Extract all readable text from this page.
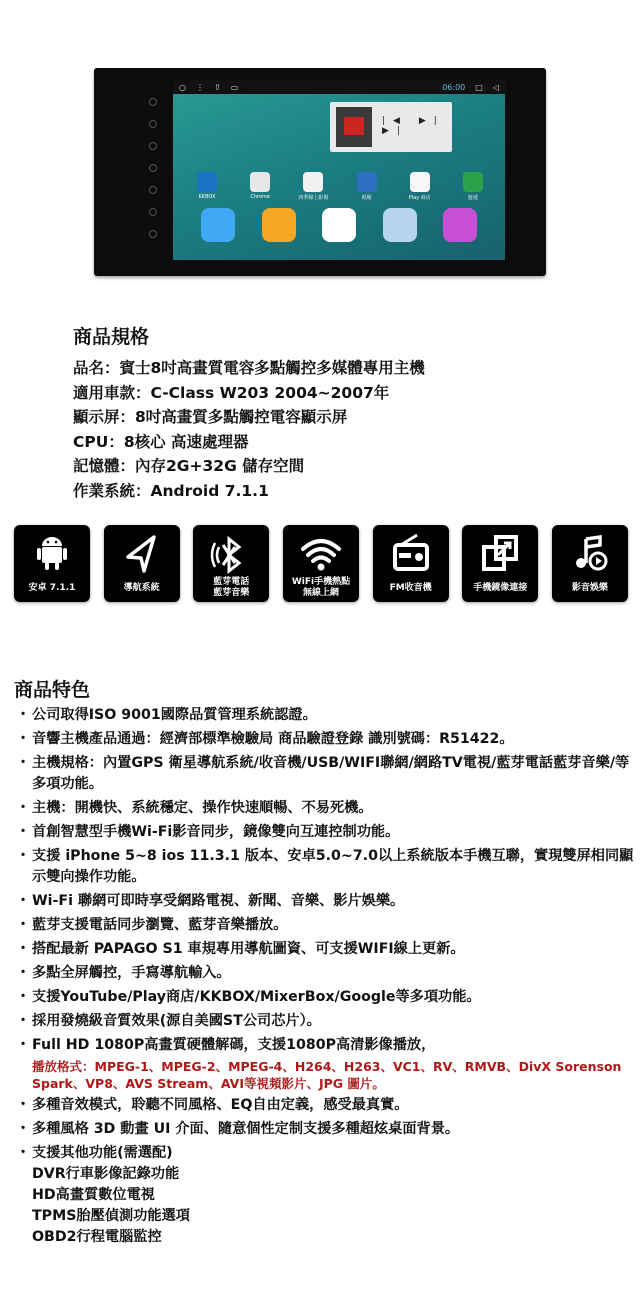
○ ⋮ ⇧ ▭	06:00 □ ◁
|◀ ▶| ▶|
KKBOX	Chrome	四季線上影視	視頻	Play 商店	億速
商品規格
品名：賓士8吋高畫質電容多點觸控多媒體專用主機
適用車款：C-Class W203 2004~2007年
顯示屏：8吋高畫質多點觸控電容顯示屏
CPU：8核心 高速處理器
記憶體：內存2G+32G 儲存空間
作業系統：Android 7.1.1
安卓 7.1.1	導航系統
藍芽電話
藍芽音樂
WiFi手機熱點
無線上網	FM收音機	手機鏡像連接	影音娛樂
商品特色
・ 公司取得ISO 9001國際品質管理系統認證。
・ 音響主機產品通過：經濟部標準檢驗局 商品驗證登錄 識別號碼：R51422。
・ 主機規格：內置GPS 衛星導航系統/收音機/USB/WIFI聯網/網路TV電視/藍芽電話藍芽音樂/等多項功能。
・ 主機：開機快、系統穩定、操作快速順暢、不易死機。
・ 首創智慧型手機Wi-Fi影音同步，鏡像雙向互連控制功能。
・ 支援 iPhone 5~8 ios 11.3.1 版本、安卓5.0~7.0以上系統版本手機互聯，實現雙屏相同顯示雙向操作功能。
・ Wi-Fi 聯網可即時享受網路電視、新聞、音樂、影片娛樂。
・ 藍芽支援電話同步瀏覽、藍芽音樂播放。
・ 搭配最新 PAPAGO S1 車規專用導航圖資、可支援WIFI線上更新。
・ 多點全屏觸控，手寫導航輸入。
・ 支援YouTube/Play商店/KKBOX/MixerBox/Google等多項功能。
・ 採用發燒級音質效果(源自美國ST公司芯片）。
・ Full HD 1080P高畫質硬體解碼，支援1080P高清影像播放，
播放格式：MPEG-1、MPEG-2、MPEG-4、H264、H263、VC1、RV、RMVB、DivX Sorenson Spark、VP8、AVS Stream、AVI等視頻影片、JPG 圖片。
・ 多種音效模式，聆聽不同風格、EQ自由定義，感受最真實。
・ 多種風格 3D 動畫 UI 介面、隨意個性定制支援多種超炫桌面背景。
・ 支援其他功能(需選配)
DVR行車影像記錄功能
HD高畫質數位電視
TPMS胎壓偵測功能選項
OBD2行程電腦監控
